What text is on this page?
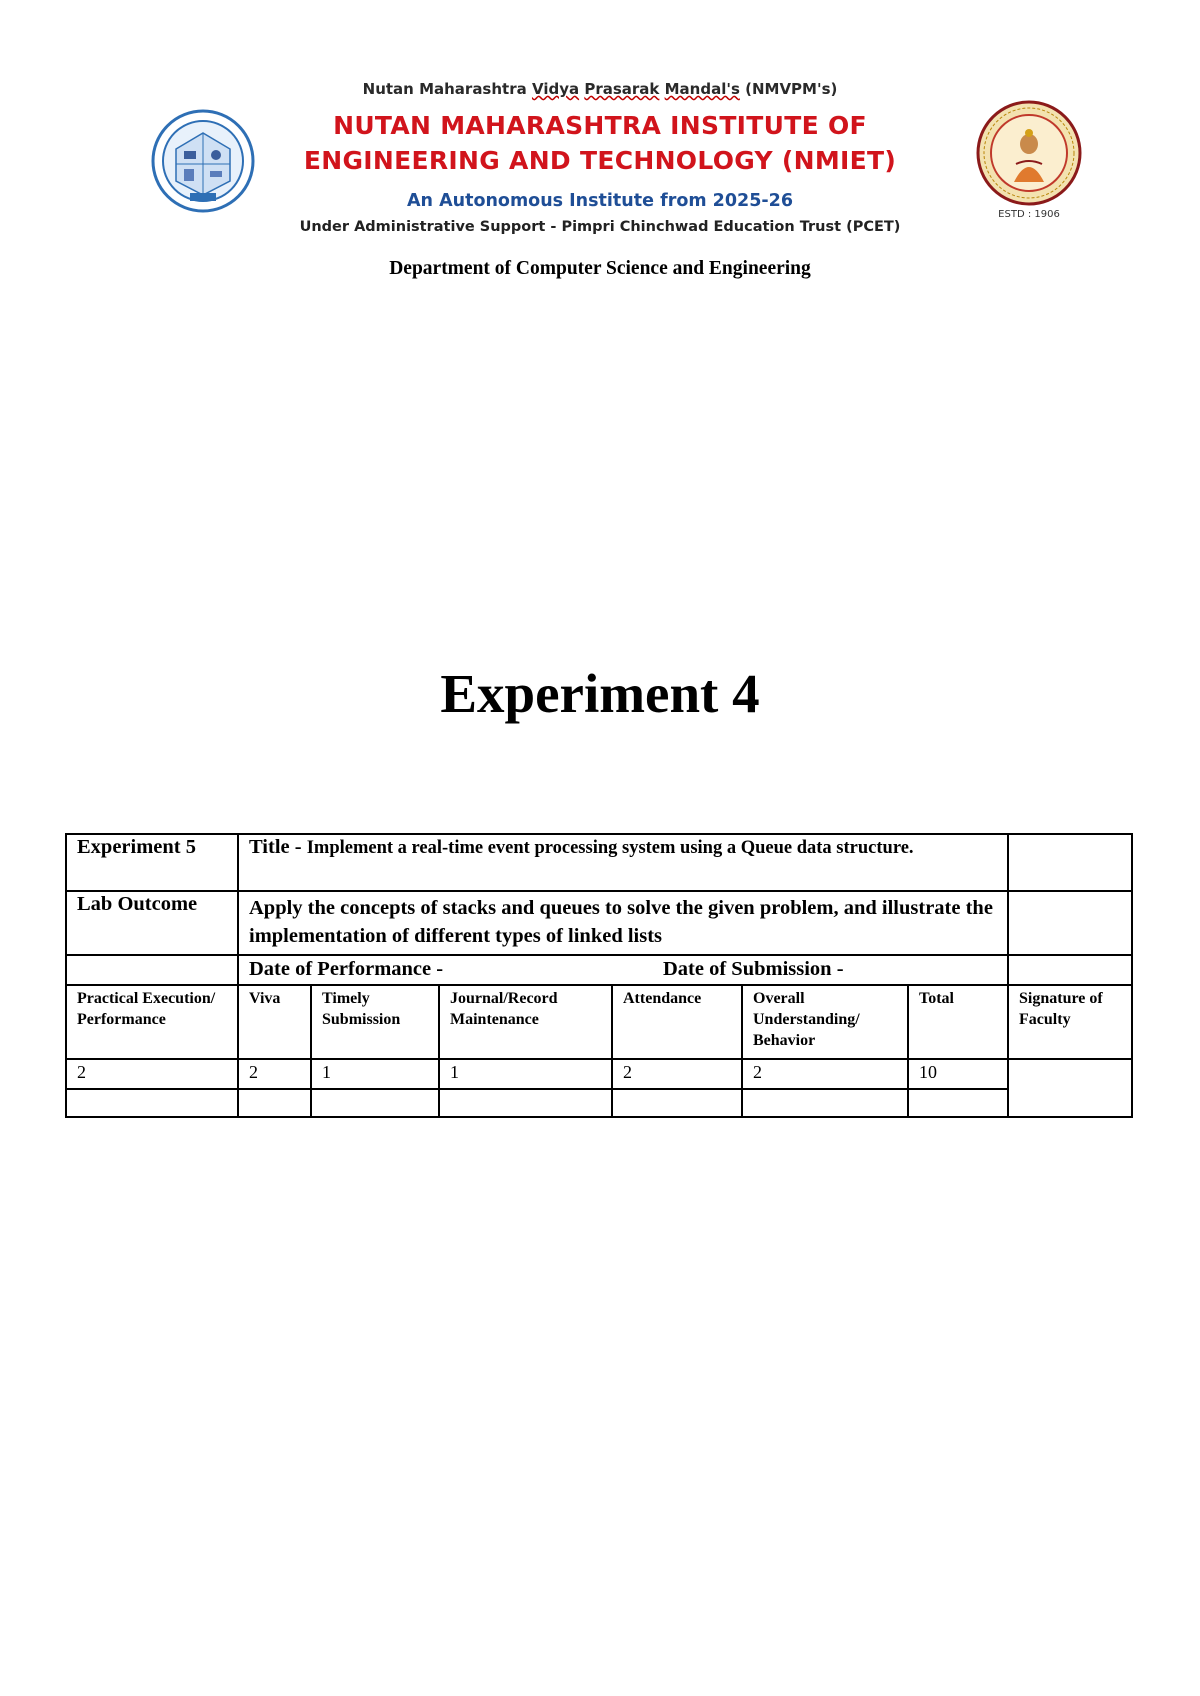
Nutan Maharashtra Vidya Prasarak Mandal's (NMVPM's)
NUTAN MAHARASHTRA INSTITUTE OF
ENGINEERING AND TECHNOLOGY (NMIET)
An Autonomous Institute from 2025-26
Under Administrative Support - Pimpri Chinchwad Education Trust (PCET)
ESTD : 1906
Department of Computer Science and Engineering
Experiment 4
Experiment 5	Title - Implement a real-time event processing system using a Queue data structure.						
Lab Outcome	Apply the concepts of stacks and queues to solve the given problem, and illustrate the implementation of different types of linked lists						

	Date of Performance - Date of Submission -						

Practical Execution/ Performance	Viva	Timely Submission	Journal/Record Maintenance	Attendance	Overall Understanding/ Behavior	Total	Signature of Faculty
2	2	1	1	2	2	10	
